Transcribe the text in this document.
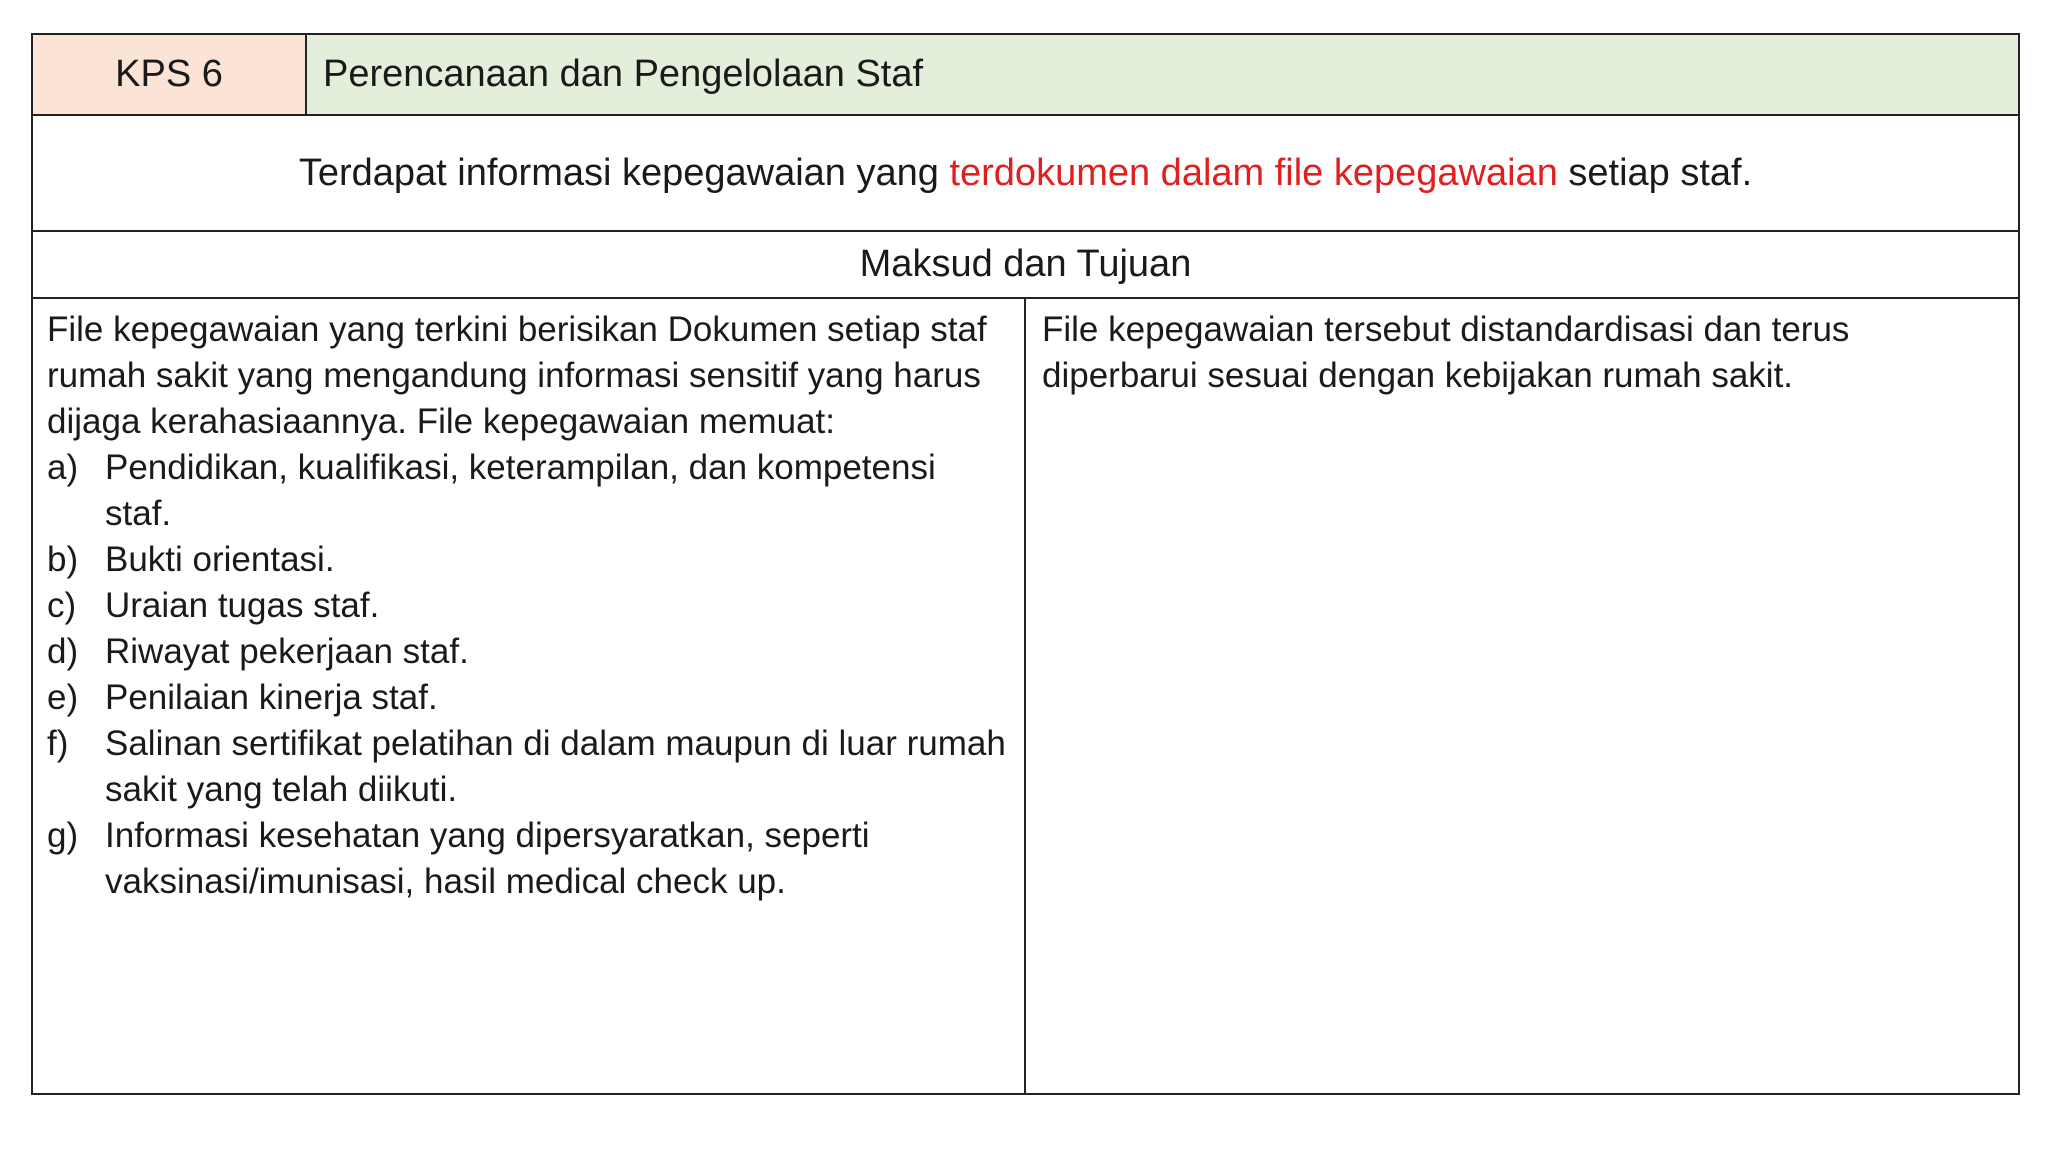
KPS 6	Perencanaan dan Pengelolaan Staf
Terdapat informasi kepegawaian yang terdokumen dalam file kepegawaian setiap staf.
Maksud dan Tujuan
File kepegawaian yang terkini berisikan Dokumen setiap staf rumah sakit yang mengandung informasi sensitif yang harus dijaga kerahasiaannya. File kepegawaian memuat:
a) Pendidikan, kualifikasi, keterampilan, dan kompetensi staf.
b) Bukti orientasi.
c) Uraian tugas staf.
d) Riwayat pekerjaan staf.
e) Penilaian kinerja staf.
f)	Salinan sertifikat pelatihan di dalam maupun di luar rumah sakit yang telah diikuti.
g) Informasi kesehatan yang dipersyaratkan, seperti vaksinasi/imunisasi, hasil medical check up.
File kepegawaian tersebut distandardisasi dan terus diperbarui sesuai dengan kebijakan rumah sakit.
